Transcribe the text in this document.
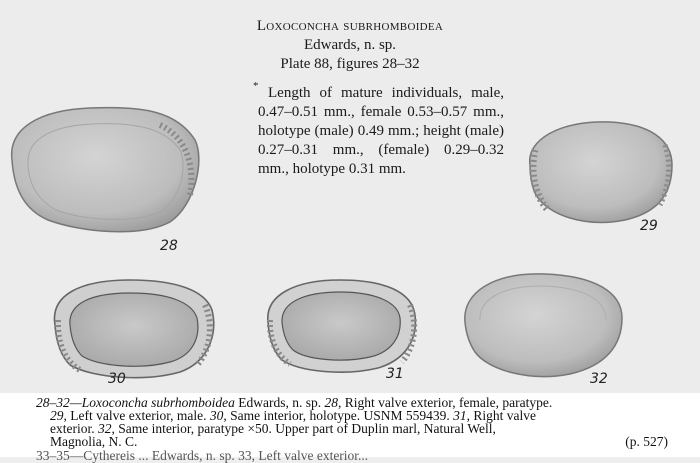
Loxoconcha subrhomboidea
Edwards, n. sp.
Plate 88, figures 28–32
* Length of mature individuals, male, 0.47–0.51 mm., female 0.53–0.57 mm., holotype (male) 0.49 mm.; height (male) 0.27–0.31 mm., (female) 0.29–0.32 mm., holotype 0.31 mm.

28
29
30	31	32
28–32—Loxoconcha subrhomboidea Edwards, n. sp. 28, Right valve exterior, female, paratype.
29, Left valve exterior, male. 30, Same interior, holotype. USNM 559439. 31, Right valve
exterior. 32, Same interior, paratype ×50. Upper part of Duplin marl, Natural Well,
Magnolia, N. C.	(p. 527)
33–35—Cythereis ... Edwards, n. sp. 33, Left valve exterior...
